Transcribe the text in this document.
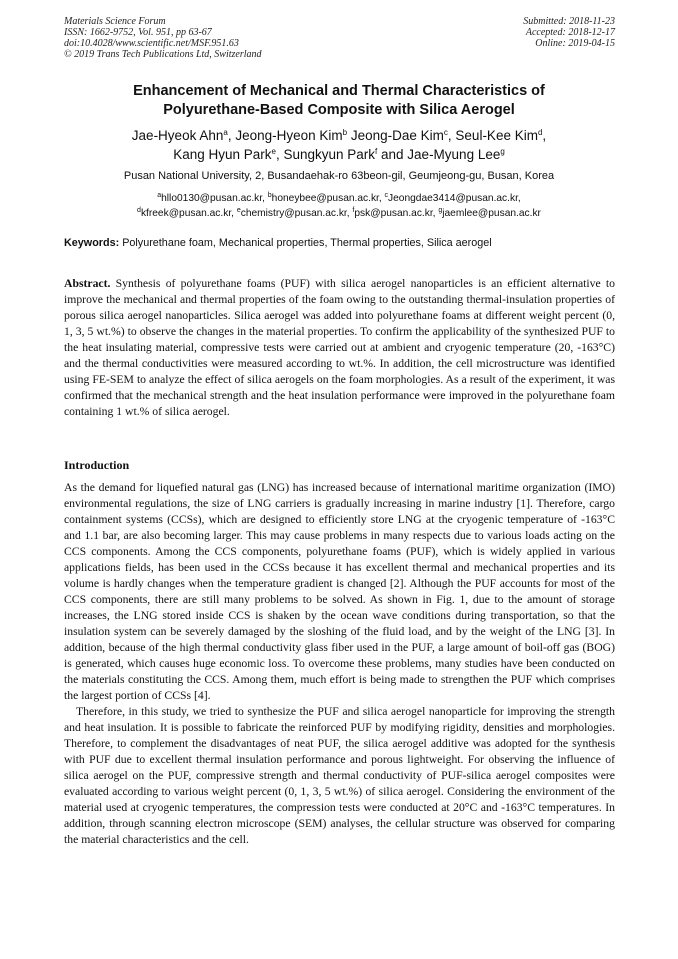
Materials Science Forum
ISSN: 1662-9752, Vol. 951, pp 63-67
doi:10.4028/www.scientific.net/MSF.951.63
© 2019 Trans Tech Publications Ltd, Switzerland
Submitted: 2018-11-23
Accepted: 2018-12-17
Online: 2019-04-15
Enhancement of Mechanical and Thermal Characteristics of
Polyurethane-Based Composite with Silica Aerogel
Jae-Hyeok Ahn$^a$, Jeong-Hyeon Kim$^b$ Jeong-Dae Kim$^c$, Seul-Kee Kim$^d$,
Kang Hyun Park$^e$, Sungkyun Park$^f$ and Jae-Myung Lee$^g$
Pusan National University, 2, Busandaehak-ro 63beon-gil, Geumjeong-gu, Busan, Korea
$^a$hllo0130@pusan.ac.kr, $^b$honeybee@pusan.ac.kr, $^c$Jeongdae3414@pusan.ac.kr,
$^d$kfreek@pusan.ac.kr, $^e$chemistry@pusan.ac.kr, $^f$psk@pusan.ac.kr, $^g$jaemlee@pusan.ac.kr
Keywords: Polyurethane foam, Mechanical properties, Thermal properties, Silica aerogel
Abstract. Synthesis of polyurethane foams (PUF) with silica aerogel nanoparticles is an efficient alternative to improve the mechanical and thermal properties of the foam owing to the outstanding thermal-insulation properties of porous silica aerogel nanoparticles. Silica aerogel was added into polyurethane foams at different weight percent (0, 1, 3, 5 wt.%) to observe the changes in the material properties. To confirm the applicability of the synthesized PUF to the heat insulating material, compressive tests were carried out at ambient and cryogenic temperature (20, -163°C) and the thermal conductivities were measured according to wt.%. In addition, the cell microstructure was identified using FE-SEM to analyze the effect of silica aerogels on the foam morphologies. As a result of the experiment, it was confirmed that the mechanical strength and the heat insulation performance were improved in the polyurethane foam containing 1 wt.% of silica aerogel.
Introduction

As the demand for liquefied natural gas (LNG) has increased because of international maritime organization (IMO) environmental regulations, the size of LNG carriers is gradually increasing in marine industry [1]. Therefore, cargo containment systems (CCSs), which are designed to efficiently store LNG at the cryogenic temperature of -163°C and 1.1 bar, are also becoming larger. This may cause problems in many respects due to various loads acting on the CCS components. Among the CCS components, polyurethane foams (PUF), which is widely applied in various applications fields, has been used in the CCSs because it has excellent thermal and mechanical properties and its volume is hardly changes when the temperature gradient is changed [2]. Although the PUF accounts for most of the CCS components, there are still many problems to be solved. As shown in Fig. 1, due to the amount of storage increases, the LNG stored inside CCS is shaken by the ocean wave conditions during transportation, so that the insulation system can be severely damaged by the sloshing of the fluid load, and by the weight of the LNG [3]. In addition, because of the high thermal conductivity glass fiber used in the PUF, a large amount of boil-off gas (BOG) is generated, which causes huge economic loss. To overcome these problems, many studies have been conducted on the materials constituting the CCS. Among them, much effort is being made to strengthen the PUF which comprises the largest portion of CCSs [4].

Therefore, in this study, we tried to synthesize the PUF and silica aerogel nanoparticle for improving the strength and heat insulation. It is possible to fabricate the reinforced PUF by modifying rigidity, densities and morphologies. Therefore, to complement the disadvantages of neat PUF, the silica aerogel additive was adopted for the synthesis with PUF due to excellent thermal insulation performance and porous lightweight. For observing the influence of silica aerogel on the PUF, compressive strength and thermal conductivity of PUF-silica aerogel composites were evaluated according to various weight percent (0, 1, 3, 5 wt.%) of silica aerogel. Considering the environment of the material used at cryogenic temperatures, the compression tests were conducted at 20°C and -163°C temperatures. In addition, through scanning electron microscope (SEM) analyses, the cellular structure was observed for comparing the material characteristics and the cell.
